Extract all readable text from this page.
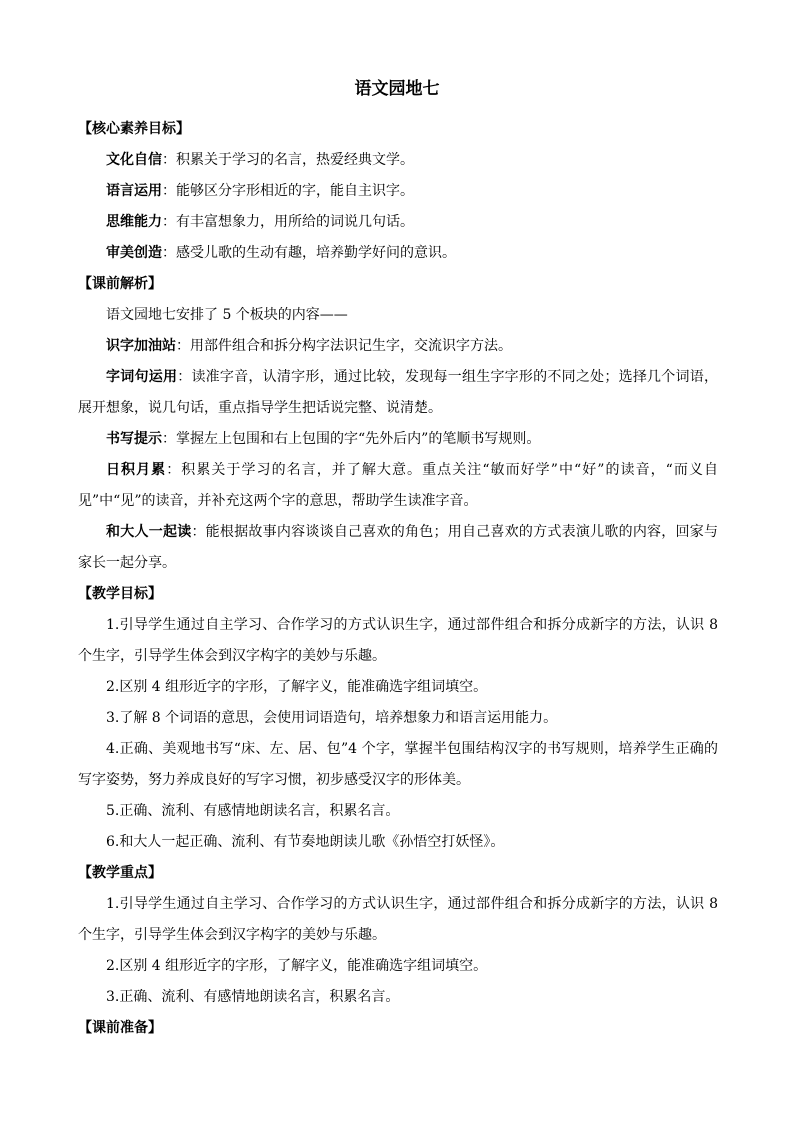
语文园地七
【核心素养目标】

文化自信：积累关于学习的名言，热爱经典文学。

语言运用：能够区分字形相近的字，能自主识字。

思维能力：有丰富想象力，用所给的词说几句话。

审美创造：感受儿歌的生动有趣，培养勤学好问的意识。

【课前解析】

语文园地七安排了 5 个板块的内容——

识字加油站：用部件组合和拆分构字法识记生字，交流识字方法。

字词句运用：读准字音，认清字形，通过比较，发现每一组生字字形的不同之处；选择几个词语，展开想象，说几句话，重点指导学生把话说完整、说清楚。

书写提示：掌握左上包围和右上包围的字“先外后内”的笔顺书写规则。

日积月累：积累关于学习的名言，并了解大意。重点关注“敏而好学”中“好”的读音，“而义自见”中“见”的读音，并补充这两个字的意思，帮助学生读准字音。

和大人一起读：能根据故事内容谈谈自己喜欢的角色；用自己喜欢的方式表演儿歌的内容，回家与家长一起分享。

【教学目标】

1.引导学生通过自主学习、合作学习的方式认识生字，通过部件组合和拆分成新字的方法，认识 8 个生字，引导学生体会到汉字构字的美妙与乐趣。

2.区别 4 组形近字的字形，了解字义，能准确选字组词填空。

3.了解 8 个词语的意思，会使用词语造句，培养想象力和语言运用能力。

4.正确、美观地书写“床、左、居、包”4 个字，掌握半包围结构汉字的书写规则，培养学生正确的写字姿势，努力养成良好的写字习惯，初步感受汉字的形体美。

5.正确、流利、有感情地朗读名言，积累名言。

6.和大人一起正确、流利、有节奏地朗读儿歌《孙悟空打妖怪》。

【教学重点】

1.引导学生通过自主学习、合作学习的方式认识生字，通过部件组合和拆分成新字的方法，认识 8 个生字，引导学生体会到汉字构字的美妙与乐趣。

2.区别 4 组形近字的字形，了解字义，能准确选字组词填空。

3.正确、流利、有感情地朗读名言，积累名言。

【课前准备】
